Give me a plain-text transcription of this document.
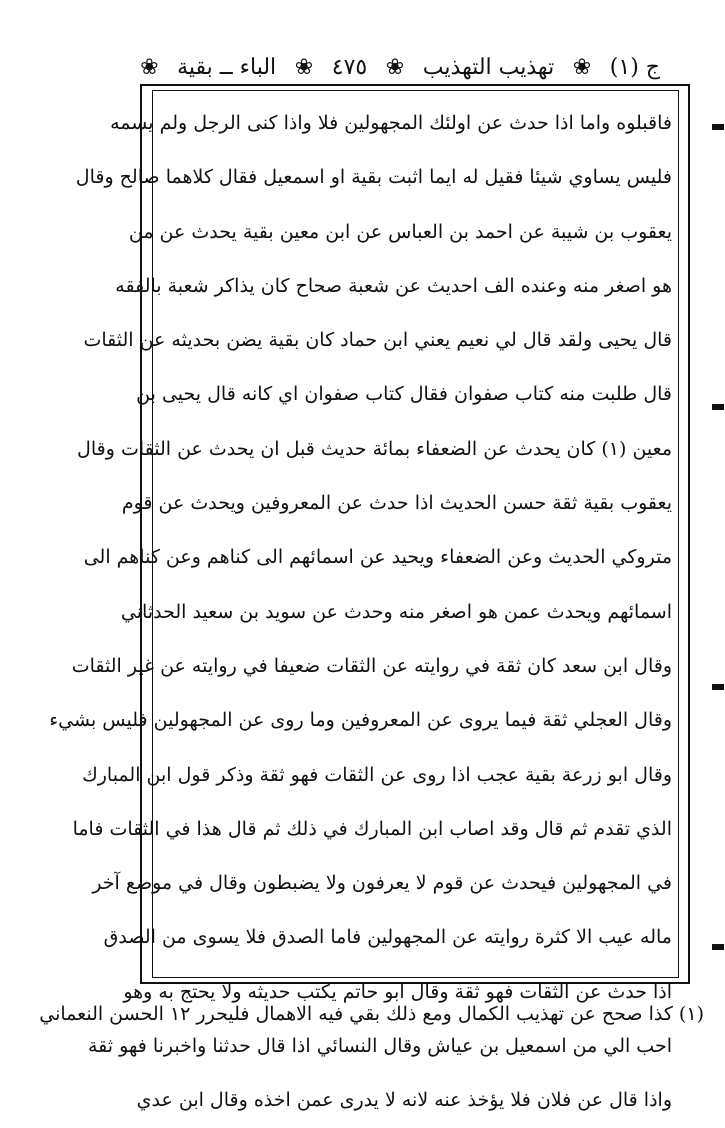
ج (١)
❀
تهذيب التهذيب
❀
٤٧٥
❀
الباء ــ بقية
❀
فاقبلوه واما اذا حدث عن اولئك المجهولين فلا واذا كنى الرجل ولم يسمه
فليس يساوي شيئا فقيل له ايما اثبت بقية او اسمعيل فقال كلاهما صالح وقال
يعقوب بن شيبة عن احمد بن العباس عن ابن معين بقية يحدث عن من
هو اصغر منه وعنده الف احديث عن شعبة صحاح كان يذاكر شعبة بالفقه
قال يحيى ولقد قال لي نعيم يعني ابن حماد كان بقية يضن بحديثه عن الثقات
قال طلبت منه كتاب صفوان فقال كتاب صفوان اي كانه قال يحيى بن
معين (١) كان يحدث عن الضعفاء بمائة حديث قبل ان يحدث عن الثقات وقال
يعقوب بقية ثقة حسن الحديث اذا حدث عن المعروفين ويحدث عن قوم
متروكي الحديث وعن الضعفاء ويحيد عن اسمائهم الى كناهم وعن كناهم الى
اسمائهم ويحدث عمن هو اصغر منه وحدث عن سويد بن سعيد الحدثاني
وقال ابن سعد كان ثقة في روايته عن الثقات ضعيفا في روايته عن غير الثقات
وقال العجلي ثقة فيما يروى عن المعروفين وما روى عن المجهولين فليس بشيء
وقال ابو زرعة بقية عجب اذا روى عن الثقات فهو ثقة وذكر قول ابن المبارك
الذي تقدم ثم قال وقد اصاب ابن المبارك في ذلك ثم قال هذا في الثقات فاما
في المجهولين فيحدث عن قوم لا يعرفون ولا يضبطون وقال في موضع آخر
ماله عيب الا كثرة روايته عن المجهولين فاما الصدق فلا يسوى من الصدق
اذا حدث عن الثقات فهو ثقة وقال ابو حاتم يكتب حديثه ولا يحتج به وهو
احب الي من اسمعيل بن عياش وقال النسائي اذا قال حدثنا واخبرنا فهو ثقة
واذا قال عن فلان فلا يؤخذ عنه لانه لا يدرى عمن اخذه وقال ابن عدي
(١) كذا صحح عن تهذيب الكمال ومع ذلك بقي فيه الاهمال فليحرر ١٢ الحسن النعماني
